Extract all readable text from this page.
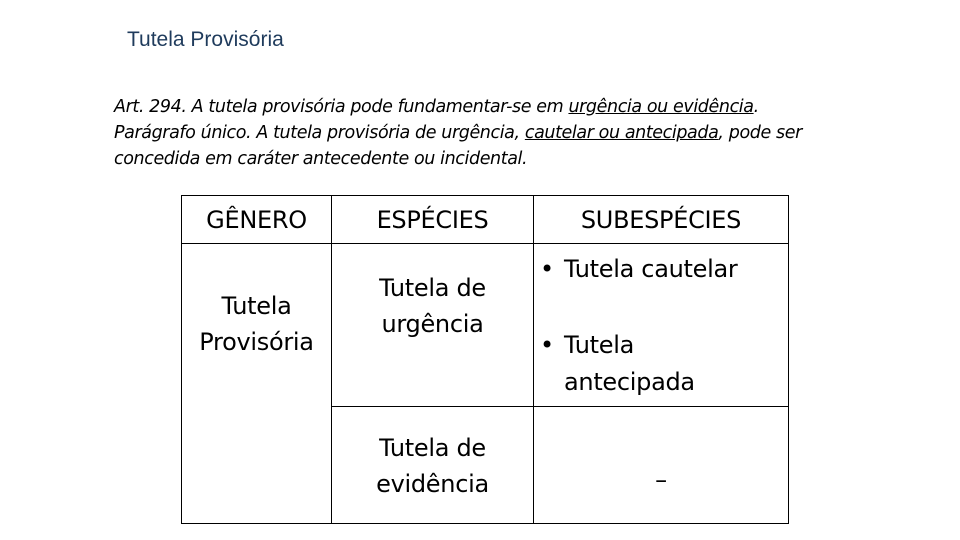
Tutela Provisória
Art. 294. A tutela provisória pode fundamentar-se em urgência ou evidência.
Parágrafo único. A tutela provisória de urgência, cautelar ou antecipada, pode ser
concedida em caráter antecedente ou incidental.
GÊNERO	ESPÉCIES	SUBESPÉCIES
Tutela
Provisória
Tutela de
urgência
Tutela de
evidência
• Tutela cautelar
• Tutela
antecipada
–
